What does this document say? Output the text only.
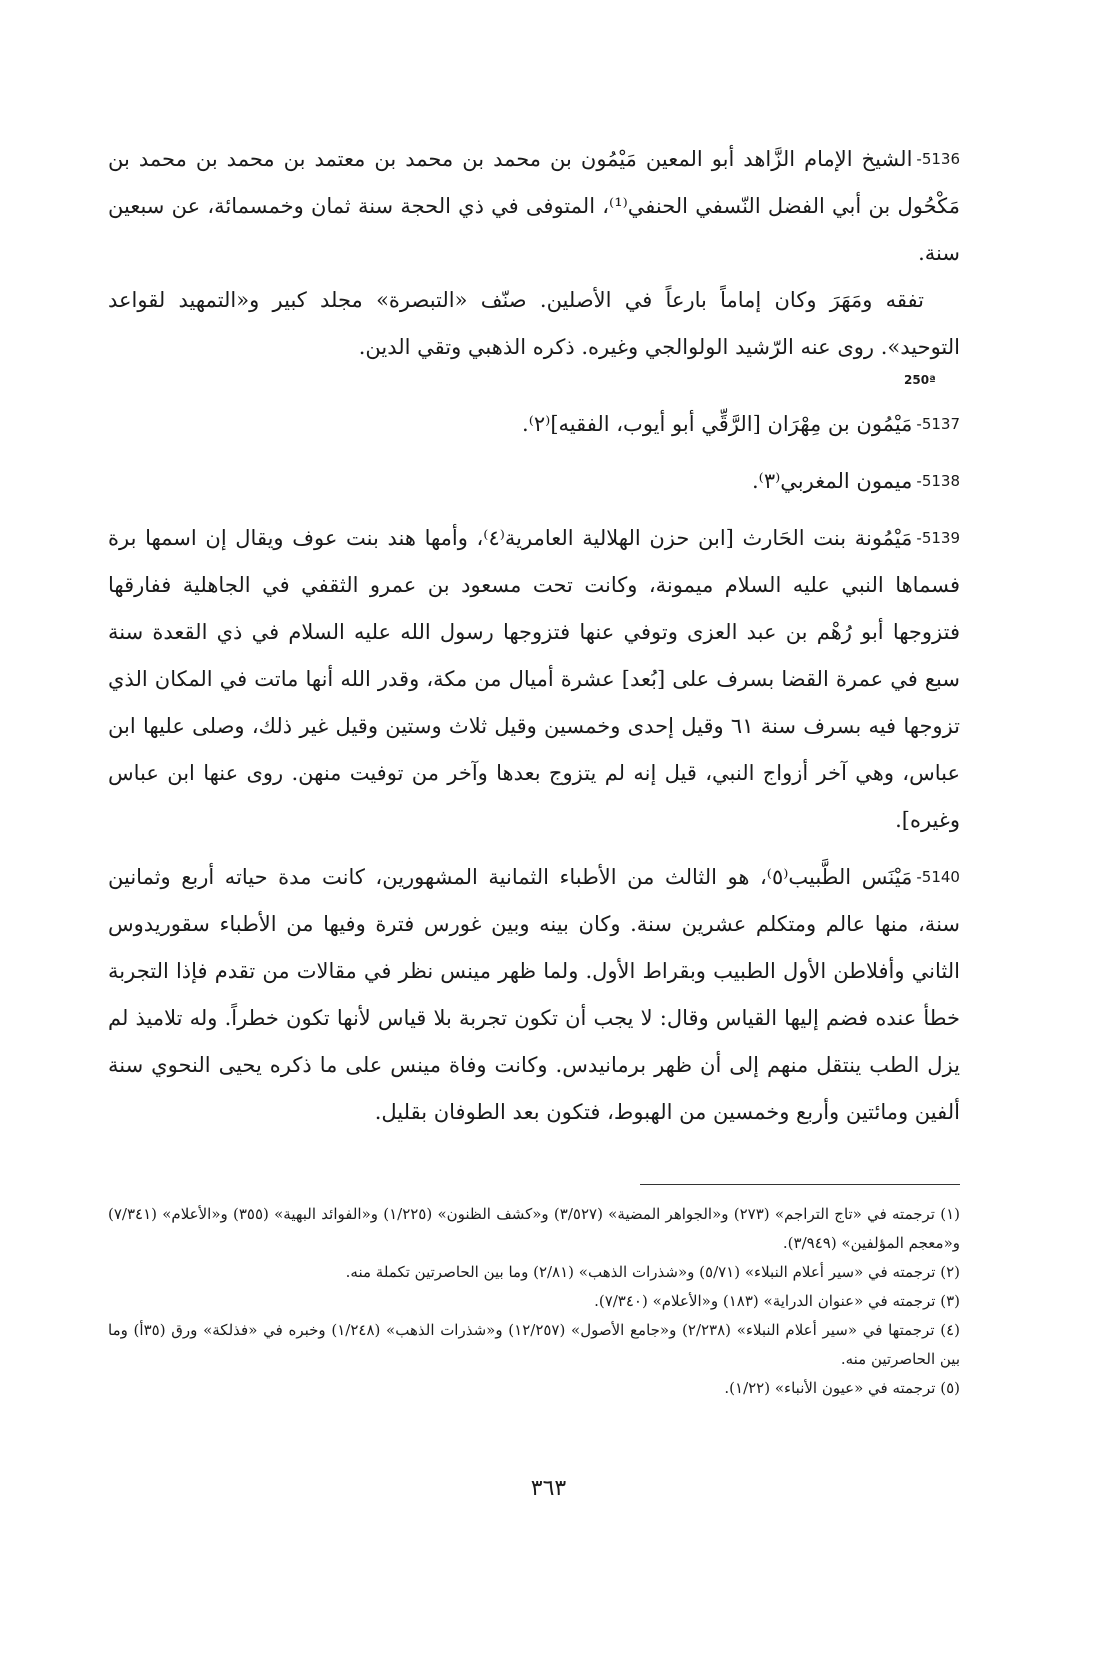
250ª

-5136الشيخ الإمام الزَّاهد أبو المعين مَيْمُون بن محمد بن محمد بن معتمد بن محمد بن محمد بن مَكْحُول بن أبي الفضل النّسفي الحنفي⁽¹⁾، المتوفى في ذي الحجة سنة ثمان وخمسمائة، عن سبعين سنة.

تفقه ومَهَرَ وكان إماماً بارعاً في الأصلين. صنّف «التبصرة» مجلد كبير و«التمهيد لقواعد التوحيد». روى عنه الرّشيد الولوالجي وغيره. ذكره الذهبي وتقي الدين.

-5137مَيْمُون بن مِهْرَان [الرَّقِّي أبو أيوب، الفقيه]⁽٢⁾.

-5138ميمون المغربي⁽٣⁾.

-5139مَيْمُونة بنت الحَارث [ابن حزن الهلالية العامرية⁽٤⁾، وأمها هند بنت عوف ويقال إن اسمها برة فسماها النبي عليه السلام ميمونة، وكانت تحت مسعود بن عمرو الثقفي في الجاهلية ففارقها فتزوجها أبو رُهْم بن عبد العزى وتوفي عنها فتزوجها رسول الله عليه السلام في ذي القعدة سنة سبع في عمرة القضا بسرف على [بُعد] عشرة أميال من مكة، وقدر الله أنها ماتت في المكان الذي تزوجها فيه بسرف سنة ٦١ وقيل إحدى وخمسين وقيل ثلاث وستين وقيل غير ذلك، وصلى عليها ابن عباس، وهي آخر أزواج النبي، قيل إنه لم يتزوج بعدها وآخر من توفيت منهن. روى عنها ابن عباس وغيره].

-5140مَيْنَس الطَّبيب⁽٥⁾، هو الثالث من الأطباء الثمانية المشهورين، كانت مدة حياته أربع وثمانين سنة، منها عالم ومتكلم عشرين سنة. وكان بينه وبين غورس فترة وفيها من الأطباء سقوريدوس الثاني وأفلاطن الأول الطبيب وبقراط الأول. ولما ظهر مينس نظر في مقالات من تقدم فإذا التجربة خطأ عنده فضم إليها القياس وقال: لا يجب أن تكون تجربة بلا قياس لأنها تكون خطراً. وله تلاميذ لم يزل الطب ينتقل منهم إلى أن ظهر برمانيدس. وكانت وفاة مينس على ما ذكره يحيى النحوي سنة ألفين ومائتين وأربع وخمسين من الهبوط، فتكون بعد الطوفان بقليل.

(١) ترجمته في «تاج التراجم» (٢٧٣) و«الجواهر المضية» (٣/٥٢٧) و«كشف الظنون» (١/٢٢٥) و«الفوائد البهية» (٣٥٥) و«الأعلام» (٧/٣٤١) و«معجم المؤلفين» (٣/٩٤٩).

(٢) ترجمته في «سير أعلام النبلاء» (٥/٧١) و«شذرات الذهب» (٢/٨١) وما بين الحاصرتين تكملة منه.

(٣) ترجمته في «عنوان الدراية» (١٨٣) و«الأعلام» (٧/٣٤٠).

(٤) ترجمتها في «سير أعلام النبلاء» (٢/٢٣٨) و«جامع الأصول» (١٢/٢٥٧) و«شذرات الذهب» (١/٢٤٨) وخبره في «فذلكة» ورق (٣٥أ) وما بين الحاصرتين منه.

(٥) ترجمته في «عيون الأنباء» (١/٢٢).

٣٦٣
